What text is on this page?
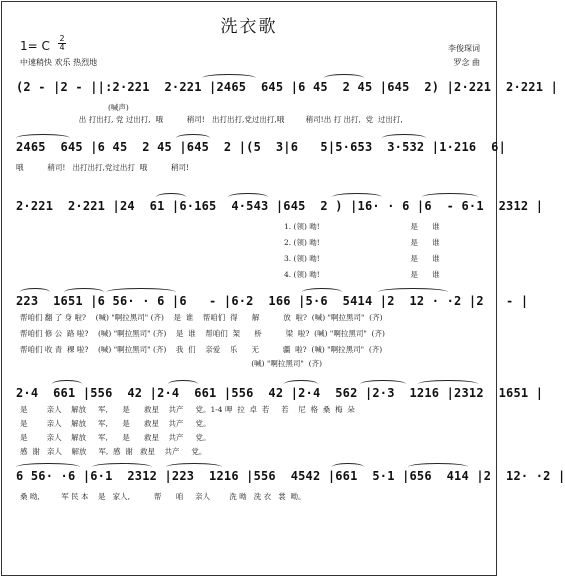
洗衣歌
1= C
2
4
中速稍快 欢乐 热烈地
李俊琛词
罗念 曲
(2 - |2 - ||:2·221  2·221 |2465  645 |6 45  2 45 |645  2) |2·221  2·221 |
(喊声)
出 打出打, 党 过出打,  哦          稍司!   出打出打,党过出打,哦         稍司!出 打 出打,  党  过出打,
2465  645 |6 45  2 45 |645  2 |(5  3|6   5|5·653  3·532 |1·216  6|
哦          稍司!   出打出打,党过出打  哦          稍司!
2·221  2·221 |24  61 |6·165  4·543 |645  2 ) |16· · 6 |6  - 6·1  2312 |
1. (领) 呦!                                      是      谁
2. (领) 呦!                                      是      谁
3. (领) 呦!                                      是      谁
4. (领) 呦!                                      是      谁
223  1651 |6 56· · 6 |6   - |6·2  166 |5·6  5414 |2  12 · ·2 |2   - |
帮咱们 翻 了 身 啦?    (喊) "啊拉黑司" (齐)    是  谁    帮咱们  得      解          放  啦?  (喊) "啊拉黑司"  (齐)
帮咱们 修 公  路 啦?    (喊) "啊拉黑司" (齐)    是  谁    帮咱们  架      桥          梁  啦?  (喊) "啊拉黑司"  (齐)
帮咱们 收 青  稞 啦?    (喊) "啊拉黑司" (齐)    我  们    亲爱    乐      无          疆  啦?  (喊) "啊拉黑司"  (齐)
(喊) "啊拉黑司"  (齐)
2·4  661 |556  42 |2·4  661 |556  42 |2·4  562 |2·3  1216 |2312  1651 |
是        亲人    解放     军,      是      救星    共产     党。1-4 呷  拉  卓  若     若    尼  格  桑  梅  朵
是        亲人    解放     军,      是      救星    共产     党。
是        亲人    解放     军,      是      救星    共产     党。
感  谢   亲人    解放     军,  感  谢   救星    共产     党。
6 56· ·6 |6·1  2312 |223  1216 |556  4542 |661  5·1 |656  414 |2  12· ·2 |
桑 呦,         军 民 本    是   家人,          帮      咱     亲人        洗 呦   洗 衣   裳  呦。
